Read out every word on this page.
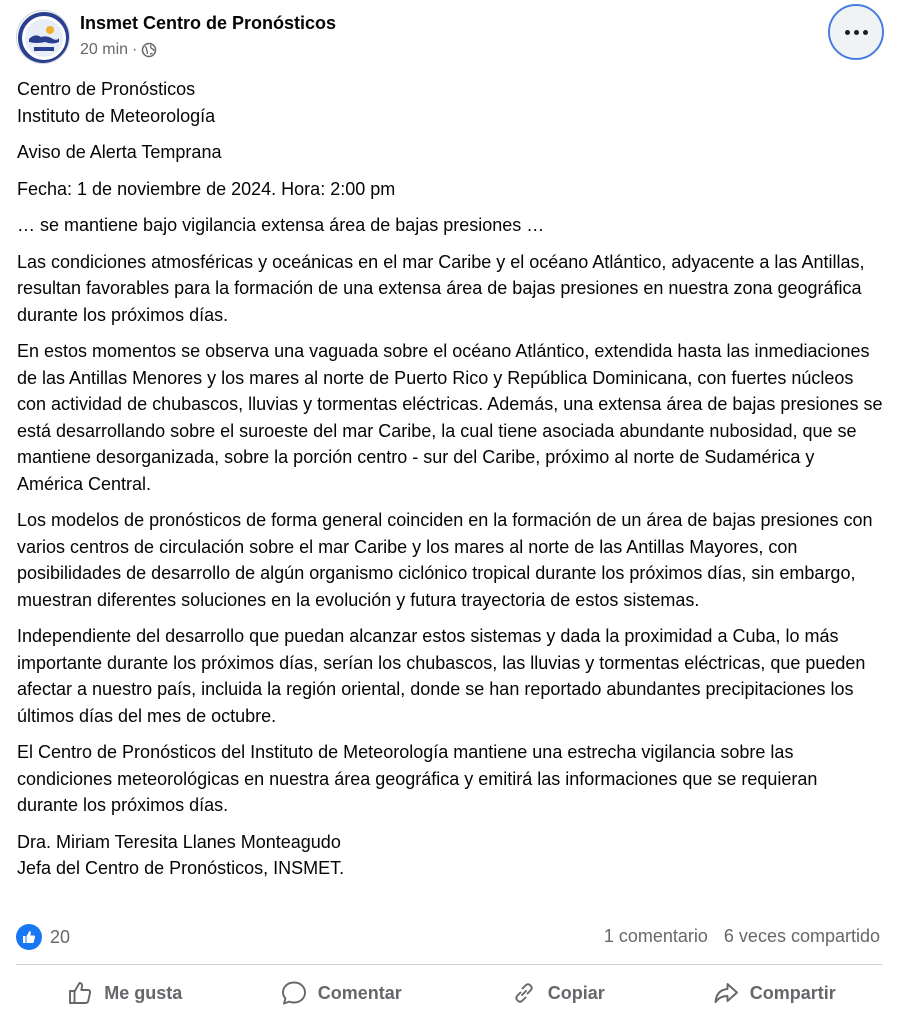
Insmet Centro de Pronósticos
20 min ·

Centro de Pronósticos
Instituto de Meteorología

Aviso de Alerta Temprana

Fecha: 1 de noviembre de 2024. Hora: 2:00 pm

… se mantiene bajo vigilancia extensa área de bajas presiones …

Las condiciones atmosféricas y oceánicas en el mar Caribe y el océano Atlántico, adyacente a las Antillas, resultan favorables para la formación de una extensa área de bajas presiones en nuestra zona geográfica durante los próximos días.

En estos momentos se observa una vaguada sobre el océano Atlántico, extendida hasta las inmediaciones de las Antillas Menores y los mares al norte de Puerto Rico y República Dominicana, con fuertes núcleos con actividad de chubascos, lluvias y tormentas eléctricas. Además, una extensa área de bajas presiones se está desarrollando sobre el suroeste del mar Caribe, la cual tiene asociada abundante nubosidad, que se mantiene desorganizada, sobre la porción centro - sur del Caribe, próximo al norte de Sudamérica y América Central.

Los modelos de pronósticos de forma general coinciden en la formación de un área de bajas presiones con varios centros de circulación sobre el mar Caribe y los mares al norte de las Antillas Mayores, con posibilidades de desarrollo de algún organismo ciclónico tropical durante los próximos días, sin embargo, muestran diferentes soluciones en la evolución y futura trayectoria de estos sistemas.

Independiente del desarrollo que puedan alcanzar estos sistemas y dada la proximidad a Cuba, lo más importante durante los próximos días, serían los chubascos, las lluvias y tormentas eléctricas, que pueden afectar a nuestro país, incluida la región oriental, donde se han reportado abundantes precipitaciones los últimos días del mes de octubre.

El Centro de Pronósticos del Instituto de Meteorología mantiene una estrecha vigilancia sobre las condiciones meteorológicas en nuestra área geográfica y emitirá las informaciones que se requieran durante los próximos días.

Dra. Miriam Teresita Llanes Monteagudo
Jefa del Centro de Pronósticos, INSMET.

20	1 comentario 6 veces compartido
Me gusta	Comentar	Copiar	Compartir
